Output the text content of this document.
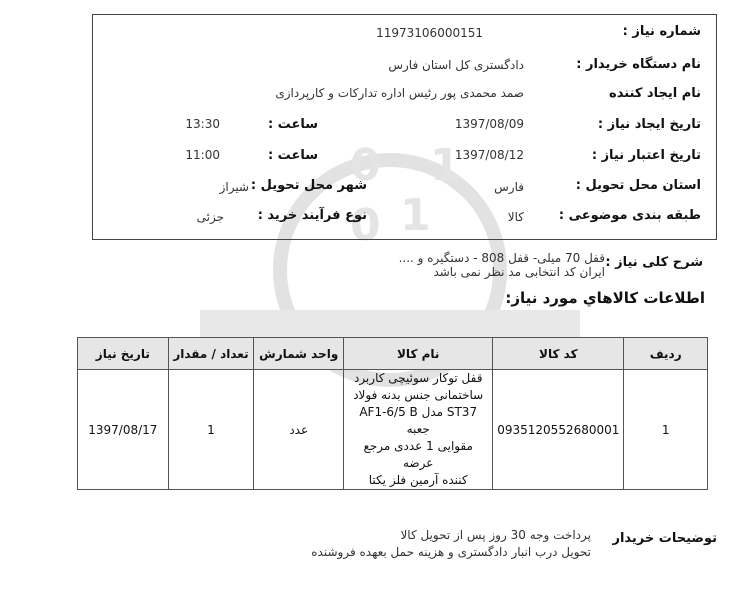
0
1
0
1
شماره نیاز :
11973106000151
نام دستگاه خریدار :
دادگستری کل استان فارس
نام ایجاد کننده
صمد محمدی پور رئیس اداره تدارکات و کارپردازی
تاریخ ایجاد نیاز :
1397/08/09
ساعت :
13:30
تاریخ اعتبار نیاز :
1397/08/12
ساعت :
11:00
استان محل تحویل :
فارس
شهر محل تحویل :
شیراز
طبقه بندی موضوعی :
کالا
نوع فرآیند خرید :
جزئی
شرح کلی نیاز :
قفل 70 میلی- قفل 808 - دستگیره و ....
ایران کد انتخابی مد نظر نمی باشد
اطلاعات کالاهاي مورد نياز:
رديف	کد کالا	نام کالا	واحد شمارش	تعداد / مقدار	تاریخ نیاز
1	0935120552680001	قفل توکار سوئیچی کاربرد
ساختمانی جنس بدنه فولاد
ST37 مدل AF1-6/5 B جعبه
مقوایی 1 عددی مرجع عرضه
کننده آرمین فلز یکتا	عدد	1	1397/08/17
توضیحات خریدار
پرداخت وجه 30 روز پس از تحویل کالا
تحویل درب انبار دادگستری و هزینه حمل بعهده فروشنده
